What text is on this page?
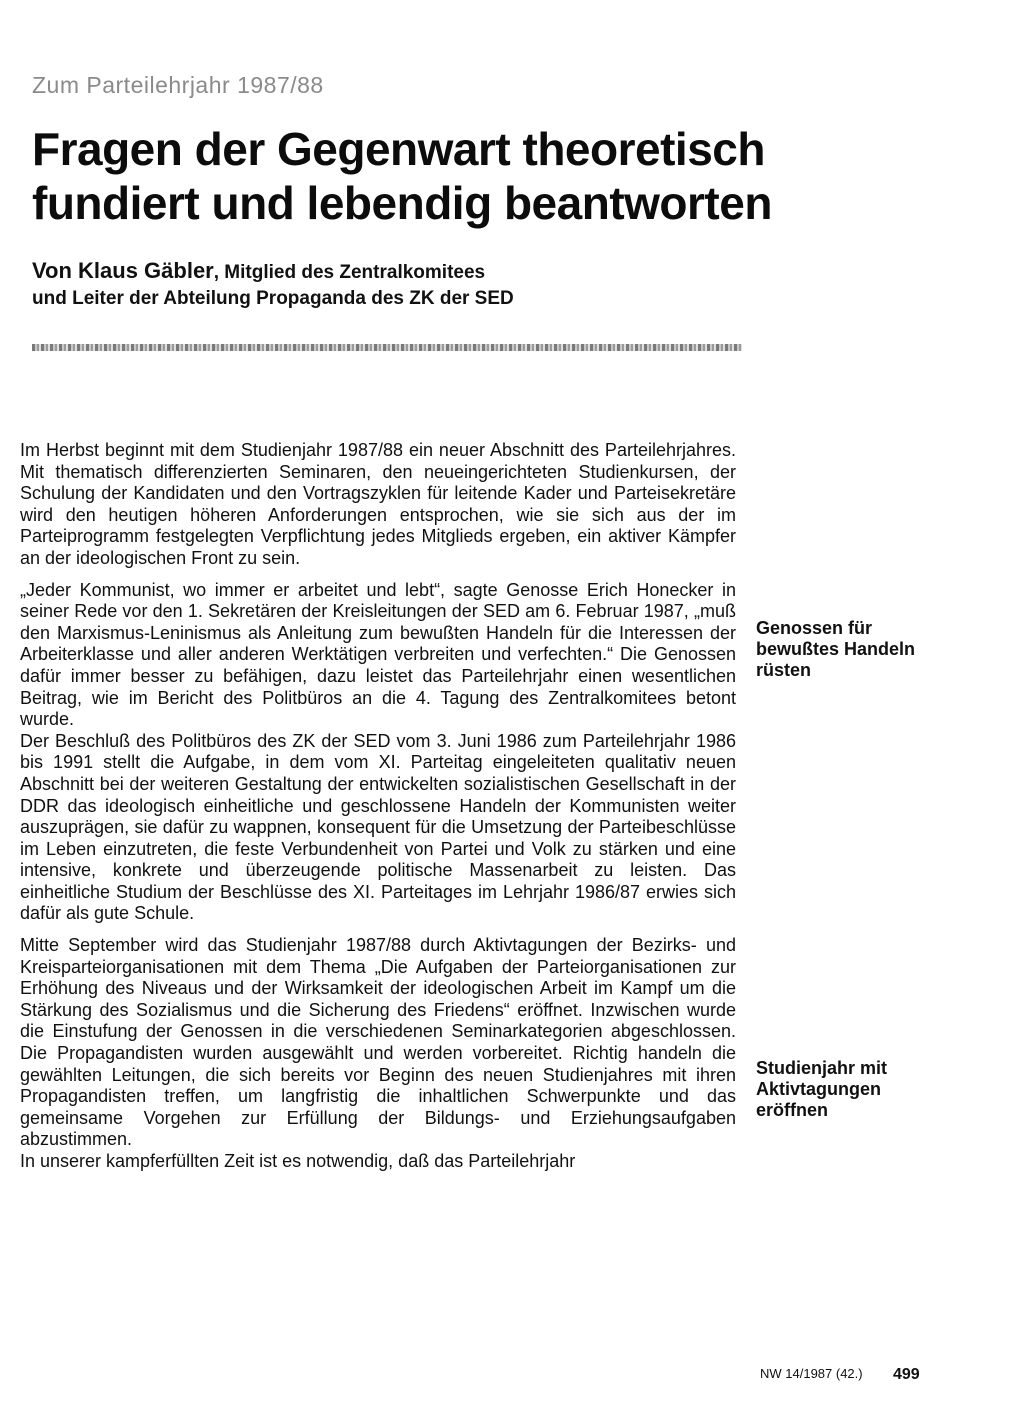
Zum Parteilehrjahr 1987/88
Fragen der Gegenwart theoretisch
fundiert und lebendig beantworten
Von Klaus Gäbler, Mitglied des Zentralkomitees
und Leiter der Abteilung Propaganda des ZK der SED

Im Herbst beginnt mit dem Studienjahr 1987/88 ein neuer Abschnitt des Parteilehrjahres. Mit thematisch differenzierten Seminaren, den neueingerichteten Studienkursen, der Schulung der Kandidaten und den Vortragszyklen für leitende Kader und Parteisekretäre wird den heutigen höheren Anforderungen entsprochen, wie sie sich aus der im Parteiprogramm festgelegten Verpflichtung jedes Mitglieds ergeben, ein aktiver Kämpfer an der ideologischen Front zu sein.

„Jeder Kommunist, wo immer er arbeitet und lebt“, sagte Genosse Erich Honecker in seiner Rede vor den 1. Sekretären der Kreisleitungen der SED am 6. Februar 1987, „muß den Marxismus-Leninismus als Anleitung zum bewußten Handeln für die Interessen der Arbeiterklasse und aller anderen Werktätigen verbreiten und verfechten.“ Die Genossen dafür immer besser zu befähigen, dazu leistet das Parteilehrjahr einen wesentlichen Beitrag, wie im Bericht des Politbüros an die 4. Tagung des Zentralkomitees betont wurde.

Der Beschluß des Politbüros des ZK der SED vom 3. Juni 1986 zum Parteilehrjahr 1986 bis 1991 stellt die Aufgabe, in dem vom XI. Parteitag eingeleiteten qualitativ neuen Abschnitt bei der weiteren Gestaltung der entwickelten sozialistischen Gesellschaft in der DDR das ideologisch einheitliche und geschlossene Handeln der Kommunisten weiter auszuprägen, sie dafür zu wappnen, konsequent für die Umsetzung der Parteibeschlüsse im Leben einzutreten, die feste Verbundenheit von Partei und Volk zu stärken und eine intensive, konkrete und überzeugende politische Massenarbeit zu leisten. Das einheitliche Studium der Beschlüsse des XI. Parteitages im Lehrjahr 1986/87 erwies sich dafür als gute Schule.

Mitte September wird das Studienjahr 1987/88 durch Aktivtagungen der Bezirks- und Kreisparteiorganisationen mit dem Thema „Die Aufgaben der Parteiorganisationen zur Erhöhung des Niveaus und der Wirksamkeit der ideologischen Arbeit im Kampf um die Stärkung des Sozialismus und die Sicherung des Friedens“ eröffnet. Inzwischen wurde die Einstufung der Genossen in die verschiedenen Seminarkategorien abgeschlossen. Die Propagandisten wurden ausgewählt und werden vorbereitet. Richtig handeln die gewählten Leitungen, die sich bereits vor Beginn des neuen Studienjahres mit ihren Propagandisten treffen, um langfristig die inhaltlichen Schwerpunkte und das gemeinsame Vorgehen zur Erfüllung der Bildungs- und Erziehungsaufgaben abzustimmen.

In unserer kampferfüllten Zeit ist es notwendig, daß das Parteilehrjahr

Genossen für bewußtes Handeln rüsten
Studienjahr mit Aktivtagungen eröffnen
NW 14/1987 (42.) 499
